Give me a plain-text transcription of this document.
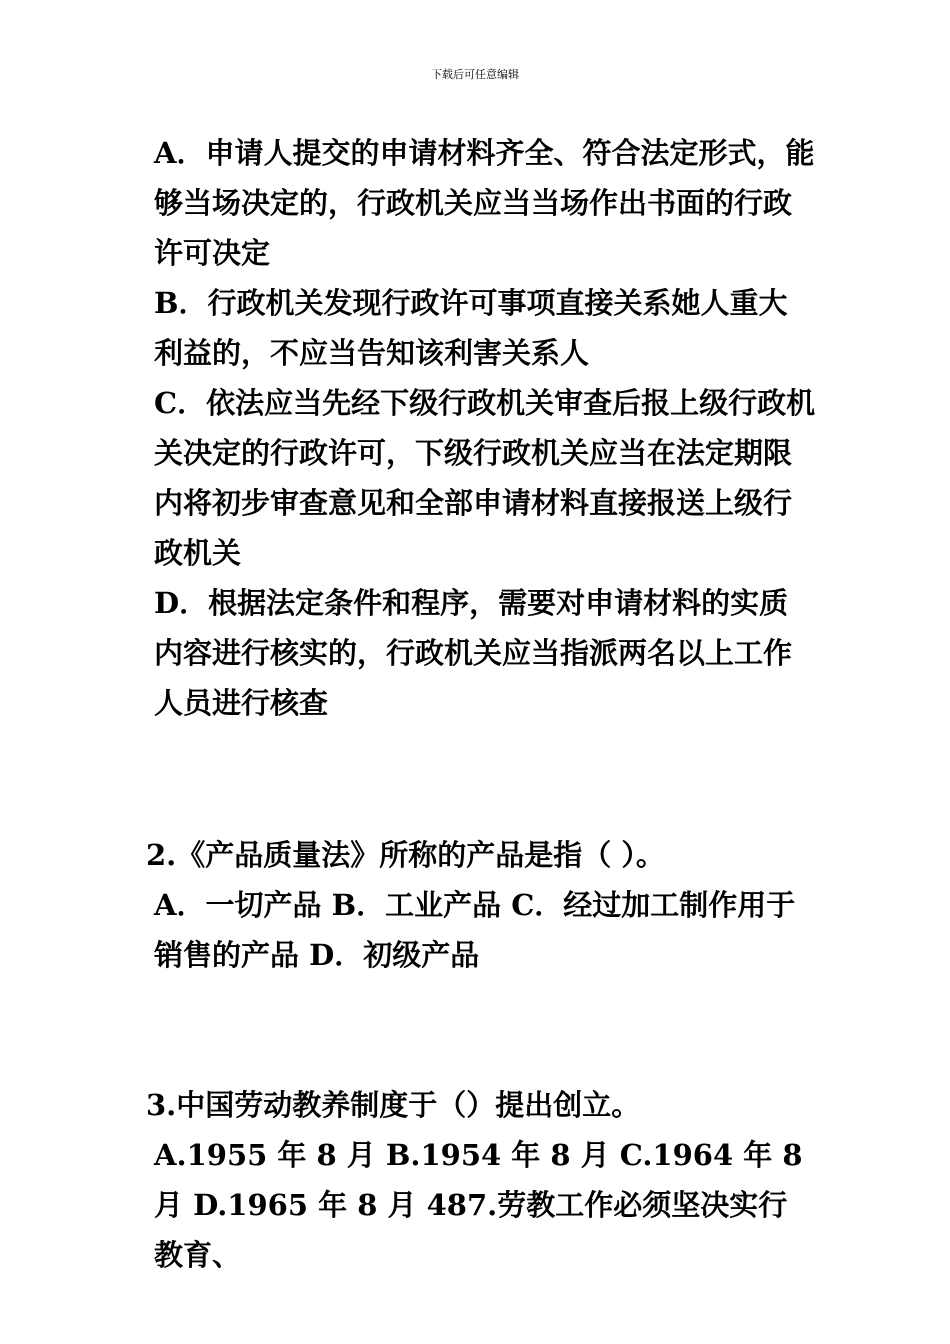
下载后可任意编辑

A．申请人提交的申请材料齐全、符合法定形式，能够当场决定的，行政机关应当当场作出书面的行政许可决定

B．行政机关发现行政许可事项直接关系她人重大利益的，不应当告知该利害关系人

C．依法应当先经下级行政机关审查后报上级行政机关决定的行政许可，下级行政机关应当在法定期限内将初步审查意见和全部申请材料直接报送上级行政机关

D．根据法定条件和程序，需要对申请材料的实质内容进行核实的，行政机关应当指派两名以上工作人员进行核查

2.《产品质量法》所称的产品是指（ ）。

A．一切产品 B．工业产品 C．经过加工制作用于销售的产品 D．初级产品

3.中国劳动教养制度于（）提出创立。

A.1955 年 8 月 B.1954 年 8 月 C.1964 年 8 月 D.1965 年 8 月 487.劳教工作必须坚决实行教育、
